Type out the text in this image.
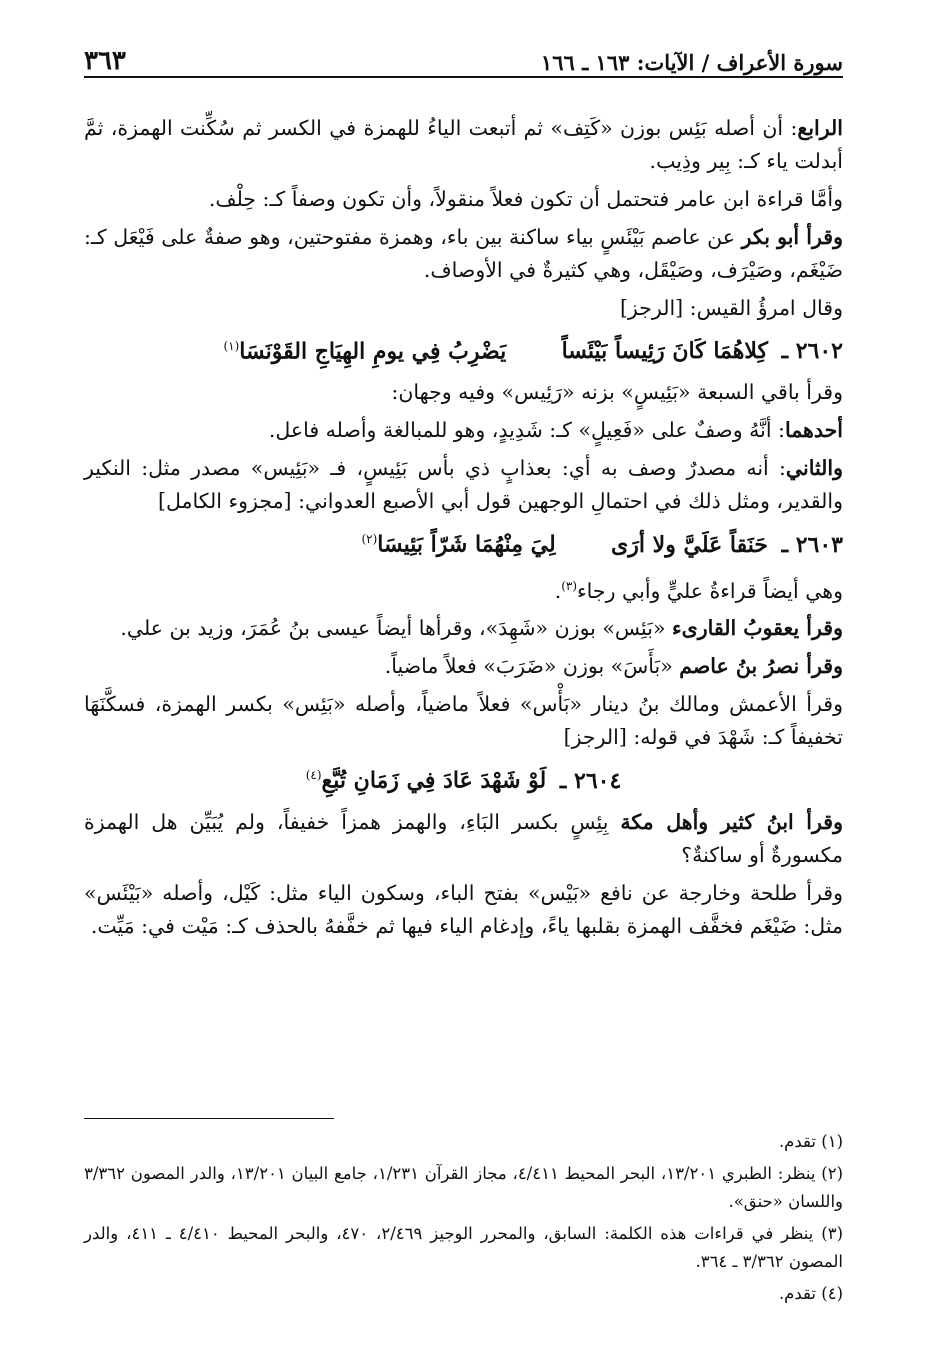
سورة الأعراف / الآيات: ١٦٣ ـ ١٦٦
٣٦٣

الرابع: أن أصله بَئِس بوزن «كَتِف» ثم أتبعت الياءُ للهمزة في الكسر ثم سُكِّنت الهمزة، ثمَّ أبدلت ياء كـ: بِير وذِيب.

وأمَّا قراءة ابن عامر فتحتمل أن تكون فعلاً منقولاً، وأن تكون وصفاً كـ: حِلْف.

وقرأ أبو بكر عن عاصم بَيْئَسٍ بياء ساكنة بين باء، وهمزة مفتوحتين، وهو صفةٌ على فَيْعَل كـ: ضَيْغَم، وصَيْرَف، وصَيْقَل، وهي كثيرةٌ في الأوصاف.

وقال امرؤُ القيس: [الرجز]

٢٦٠٢ ـ كِلاهُمَا كَانَ رَئِيساً بَيْئَساً  يَضْرِبُ فِي يومِ الهِيَاجِ القَوْنَسَا$^{(١)}$

وقرأ باقي السبعة «بَئِيسٍ» بزنه «رَئِيس» وفيه وجهان:

أحدهما: أنَّهُ وصفٌ على «فَعِيلٍ» كـ: شَدِيدٍ، وهو للمبالغة وأصله فاعل.

والثاني: أنه مصدرٌ وصف به أي: بعذابٍ ذي بأس بَئِيسٍ، فـ «بَئِيس» مصدر مثل: النكير والقدير، ومثل ذلك في احتمالِ الوجهين قول أبي الأصبع العدواني: [مجزوء الكامل]

٢٦٠٣ ـ حَنَقاً عَلَيَّ ولا أرَى  لِيَ مِنْهُمَا شَرّاً بَئِيسَا$^{(٢)}$

وهي أيضاً قراءةُ عليٍّ وأبي رجاء$^{(٣)}$.

وقرأ يعقوبُ القارىء «بَئِس» بوزن «شَهِدَ»، وقرأها أيضاً عيسى بنُ عُمَرَ، وزيد بن علي.

وقرأ نصرُ بنُ عاصم «بَأَسَ» بوزن «ضَرَبَ» فعلاً ماضياً.

وقرأ الأعمش ومالك بنُ دينار «بَأْس» فعلاً ماضياً، وأصله «بَئِس» بكسر الهمزة، فسكَّنَهَا تخفيفاً كـ: شَهْدَ في قوله: [الرجز]

٢٦٠٤ ـ لَوْ شَهْدَ عَادَ فِي زَمَانِ تُبَّعِ$^{(٤)}$

وقرأ ابنُ كثير وأهل مكة بِئِسٍ بكسر البَاءِ، والهمز همزاً خفيفاً، ولم يُبَيِّن هل الهمزة مكسورةٌ أو ساكنةٌ؟

وقرأ طلحة وخارجة عن نافع «بَيْس» بفتح الباء، وسكون الياء مثل: كَيْل، وأصله «بَيْئَس» مثل: ضَيْغَم فخفَّف الهمزة بقلبها ياءً، وإدغام الياء فيها ثم خفَّفهُ بالحذف كـ: مَيْت في: مَيِّت.

(١) تقدم.

(٢) ينظر: الطبري ١٣/٢٠١، البحر المحيط ٤/٤١١، مجاز القرآن ١/٢٣١، جامع البيان ١٣/٢٠١، والدر المصون ٣/٣٦٢ واللسان «حنق».

(٣) ينظر في قراءات هذه الكلمة: السابق، والمحرر الوجيز ٢/٤٦٩، ٤٧٠، والبحر المحيط ٤/٤١٠ ـ ٤١١، والدر المصون ٣/٣٦٢ ـ ٣٦٤.

(٤) تقدم.
